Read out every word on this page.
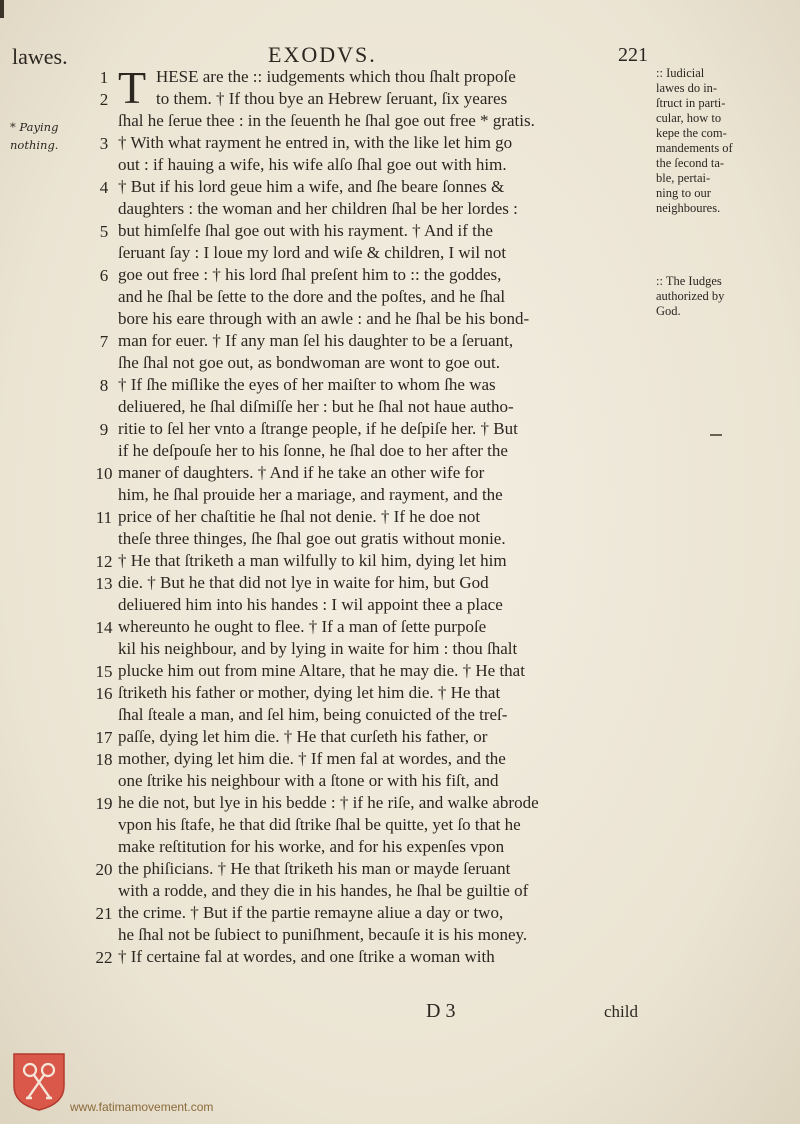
lawes.	EXODVS.	221
* Paying
nothing.
:: Iudicial
lawes do in-
ſtruct in parti-
cular, how to
kepe the com-
mandements of
the ſecond ta-
ble, pertai-
ning to our
neighboures.
:: The Iudges
authorized by
God.
T
1
2
3
4
5
6
7
8
9
10
11
12
13
14
15
16
17
18
19
20
21
22
HESE are the :: iudgements which thou ſhalt propoſe
to them. † If thou bye an Hebrew ſeruant, ſix yeares
ſhal he ſerue thee : in the ſeuenth he ſhal goe out free * gratis.
† With what rayment he entred in, with the like let him go
out : if hauing a wife, his wife alſo ſhal goe out with him.
† But if his lord geue him a wife, and ſhe beare ſonnes &
daughters : the woman and her children ſhal be her lordes :
but himſelfe ſhal goe out with his rayment. † And if the
ſeruant ſay : I loue my lord and wiſe & children, I wil not
goe out free : † his lord ſhal preſent him to :: the goddes,
and he ſhal be ſette to the dore and the poſtes, and he ſhal
bore his eare through with an awle : and he ſhal be his bond-
man for euer. † If any man ſel his daughter to be a ſeruant,
ſhe ſhal not goe out, as bondwoman are wont to goe out.
† If ſhe miſlike the eyes of her maiſter to whom ſhe was
deliuered, he ſhal diſmiſſe her : but he ſhal not haue autho-
ritie to ſel her vnto a ſtrange people, if he deſpiſe her. † But
if he deſpouſe her to his ſonne, he ſhal doe to her after the
maner of daughters. † And if he take an other wife for
him, he ſhal prouide her a mariage, and rayment, and the
price of her chaſtitie he ſhal not denie. † If he doe not
theſe three thinges, ſhe ſhal goe out gratis without monie.
† He that ſtriketh a man wilfully to kil him, dying let him
die. † But he that did not lye in waite for him, but God
deliuered him into his handes : I wil appoint thee a place
whereunto he ought to flee. † If a man of ſette purpoſe
kil his neighbour, and by lying in waite for him : thou ſhalt
plucke him out from mine Altare, that he may die. † He that
ſtriketh his father or mother, dying let him die. † He that
ſhal ſteale a man, and ſel him, being conuicted of the treſ-
paſſe, dying let him die. † He that curſeth his father, or
mother, dying let him die. † If men fal at wordes, and the
one ſtrike his neighbour with a ſtone or with his fiſt, and
he die not, but lye in his bedde : † if he riſe, and walke abrode
vpon his ſtafe, he that did ſtrike ſhal be quitte, yet ſo that he
make reſtitution for his worke, and for his expenſes vpon
the phiſicians. † He that ſtriketh his man or mayde ſeruant
with a rodde, and they die in his handes, he ſhal be guiltie of
the crime. † But if the partie remayne aliue a day or two,
he ſhal not be ſubiect to puniſhment, becauſe it is his money.
† If certaine fal at wordes, and one ſtrike a woman with
D 3	child
www.fatimamovement.com
